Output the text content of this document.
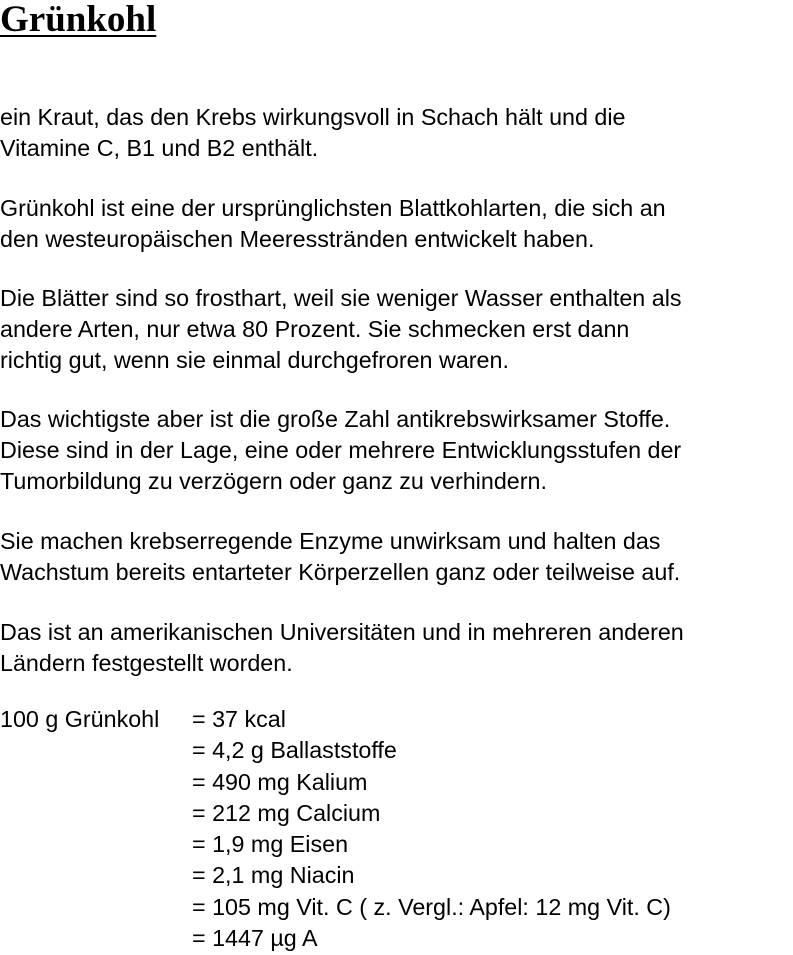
Grünkohl

ein Kraut, das den Krebs wirkungsvoll in Schach hält und die
Vitamine C, B1 und B2 enthält.

Grünkohl ist eine der ursprünglichsten Blattkohlarten, die sich an
den westeuropäischen Meeresstränden entwickelt haben.

Die Blätter sind so frosthart, weil sie weniger Wasser enthalten als
andere Arten, nur etwa 80 Prozent. Sie schmecken erst dann
richtig gut, wenn sie einmal durchgefroren waren.

Das wichtigste aber ist die große Zahl antikrebswirksamer Stoffe.
Diese sind in der Lage, eine oder mehrere Entwicklungsstufen der
Tumorbildung zu verzögern oder ganz zu verhindern.

Sie machen krebserregende Enzyme unwirksam und halten das
Wachstum bereits entarteter Körperzellen ganz oder teilweise auf.

Das ist an amerikanischen Universitäten und in mehreren anderen
Ländern festgestellt worden.

100 g Grünkohl = 37 kcal
= 4,2 g Ballaststoffe
= 490 mg Kalium
= 212 mg Calcium
= 1,9 mg Eisen
= 2,1 mg Niacin
= 105 mg Vit. C ( z. Vergl.: Apfel: 12 mg Vit. C)
= 1447 µg A
